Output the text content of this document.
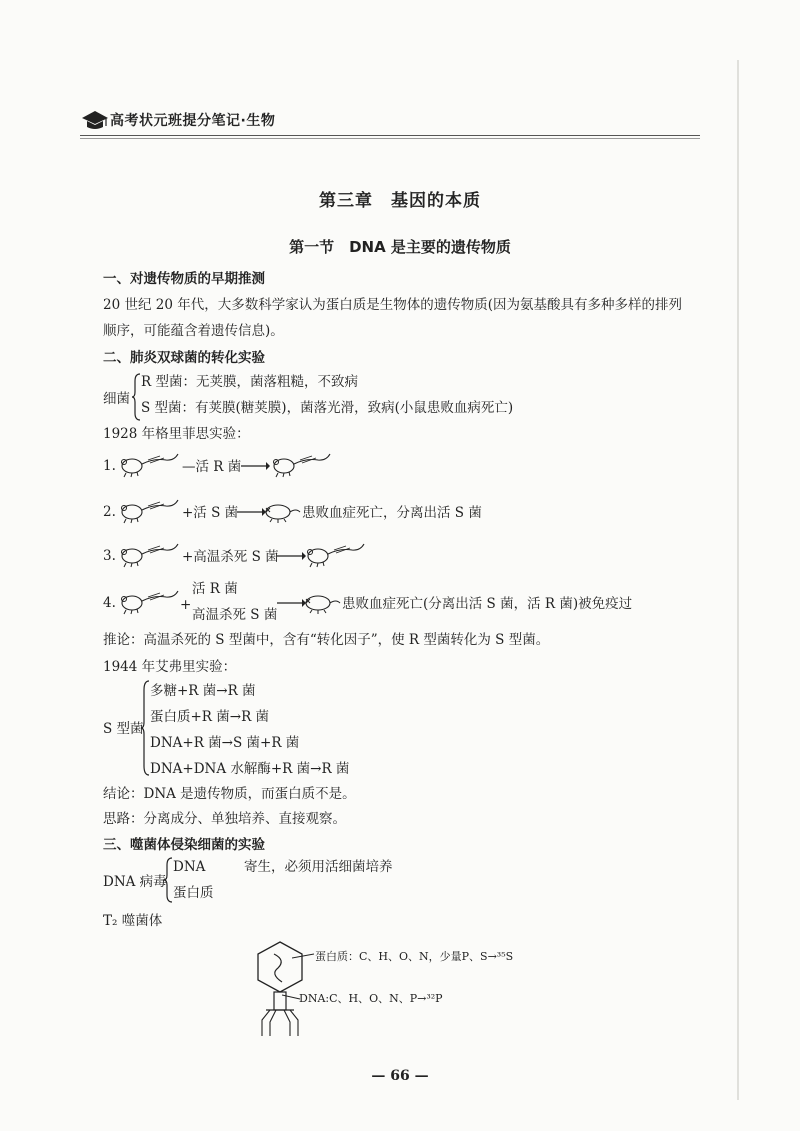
高考状元班提分笔记·生物
第三章　基因的本质
第一节　DNA 是主要的遗传物质
一、对遗传物质的早期推测
20 世纪 20 年代，大多数科学家认为蛋白质是生物体的遗传物质(因为氨基酸具有多种多样的排列
顺序，可能蕴含着遗传信息)。
二、肺炎双球菌的转化实验
细菌
R 型菌：无荚膜，菌落粗糙，不致病
S 型菌：有荚膜(糖荚膜)，菌落光滑，致病(小鼠患败血病死亡)
1928 年格里菲思实验：
1.	—活 R 菌
2.	+活 S 菌	患败血症死亡，分离出活 S 菌
3.	+高温杀死 S 菌
4.	+
活 R 菌
高温杀死 S 菌
患败血症死亡(分离出活 S 菌，活 R 菌)被免疫过
推论：高温杀死的 S 型菌中，含有“转化因子”，使 R 型菌转化为 S 型菌。
1944 年艾弗里实验：
S 型菌
多糖+R 菌→R 菌
蛋白质+R 菌→R 菌
DNA+R 菌→S 菌+R 菌
DNA+DNA 水解酶+R 菌→R 菌
结论：DNA 是遗传物质，而蛋白质不是。
思路：分离成分、单独培养、直接观察。
三、噬菌体侵染细菌的实验
DNA 病毒
DNA	寄生，必须用活细菌培养
蛋白质
T₂ 噬菌体
蛋白质：C、H、O、N，少量P、S→³⁵S
DNA:C、H、O、N、P→³²P
— 66 —
